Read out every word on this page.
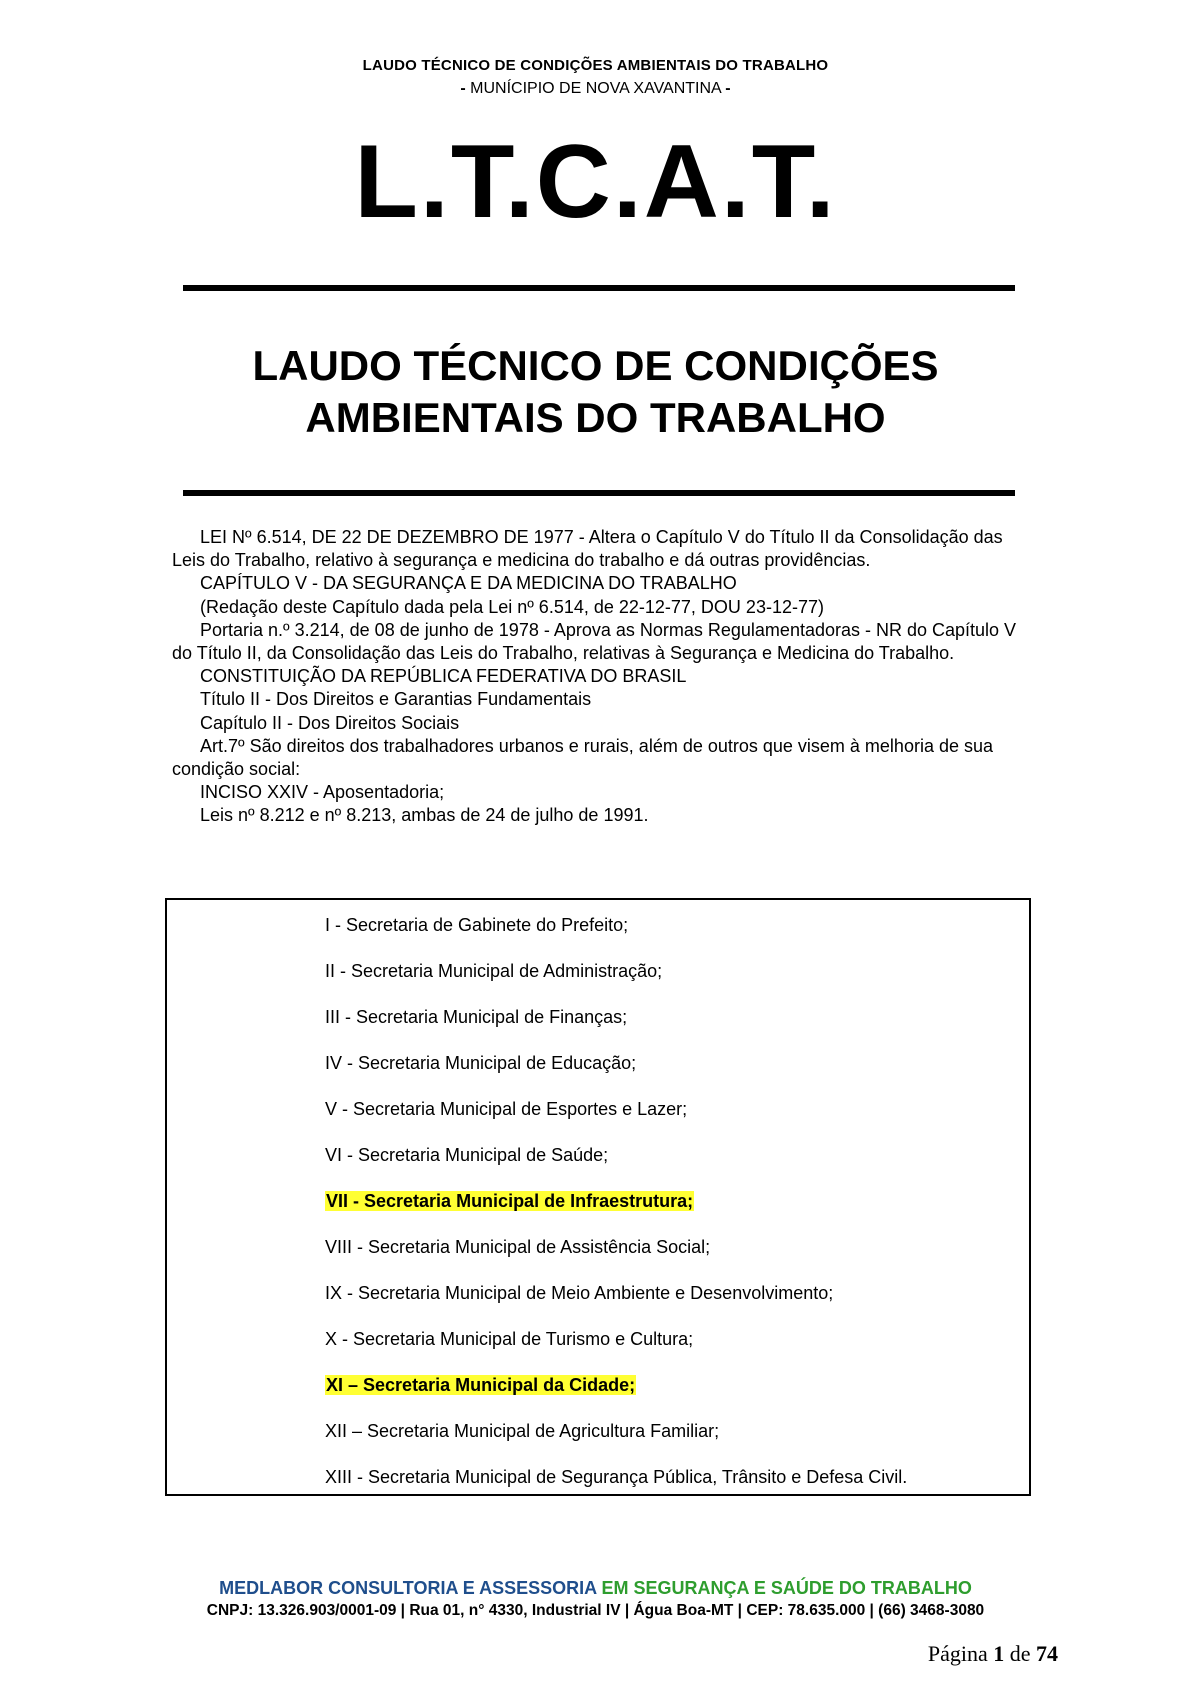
LAUDO TÉCNICO DE CONDIÇÕES AMBIENTAIS DO TRABALHO
- MUNÍCIPIO DE NOVA XAVANTINA -
L.T.C.A.T.
LAUDO TÉCNICO DE CONDIÇÕES
AMBIENTAIS DO TRABALHO

LEI Nº 6.514, DE 22 DE DEZEMBRO DE 1977 - Altera o Capítulo V do Título II da Consolidação das Leis do Trabalho, relativo à segurança e medicina do trabalho e dá outras providências.

CAPÍTULO V - DA SEGURANÇA E DA MEDICINA DO TRABALHO

(Redação deste Capítulo dada pela Lei nº 6.514, de 22-12-77, DOU 23-12-77)

Portaria n.º 3.214, de 08 de junho de 1978 - Aprova as Normas Regulamentadoras - NR do Capítulo V do Título II, da Consolidação das Leis do Trabalho, relativas à Segurança e Medicina do Trabalho.

CONSTITUIÇÃO DA REPÚBLICA FEDERATIVA DO BRASIL

Título II - Dos Direitos e Garantias Fundamentais

Capítulo II - Dos Direitos Sociais

Art.7º São direitos dos trabalhadores urbanos e rurais, além de outros que visem à melhoria de sua condição social:

INCISO XXIV - Aposentadoria;

Leis nº 8.212 e nº 8.213, ambas de 24 de julho de 1991.

I - Secretaria de Gabinete do Prefeito;
II - Secretaria Municipal de Administração;
III - Secretaria Municipal de Finanças;
IV - Secretaria Municipal de Educação;
V - Secretaria Municipal de Esportes e Lazer;
VI - Secretaria Municipal de Saúde;
VII - Secretaria Municipal de Infraestrutura;
VIII - Secretaria Municipal de Assistência Social;
IX - Secretaria Municipal de Meio Ambiente e Desenvolvimento;
X - Secretaria Municipal de Turismo e Cultura;
XI – Secretaria Municipal da Cidade;
XII – Secretaria Municipal de Agricultura Familiar;
XIII - Secretaria Municipal de Segurança Pública, Trânsito e Defesa Civil.
MEDLABOR CONSULTORIA E ASSESSORIA EM SEGURANÇA E SAÚDE DO TRABALHO
CNPJ: 13.326.903/0001-09 | Rua 01, n° 4330, Industrial IV | Água Boa-MT | CEP: 78.635.000 | (66) 3468-3080
Página 1 de 74
